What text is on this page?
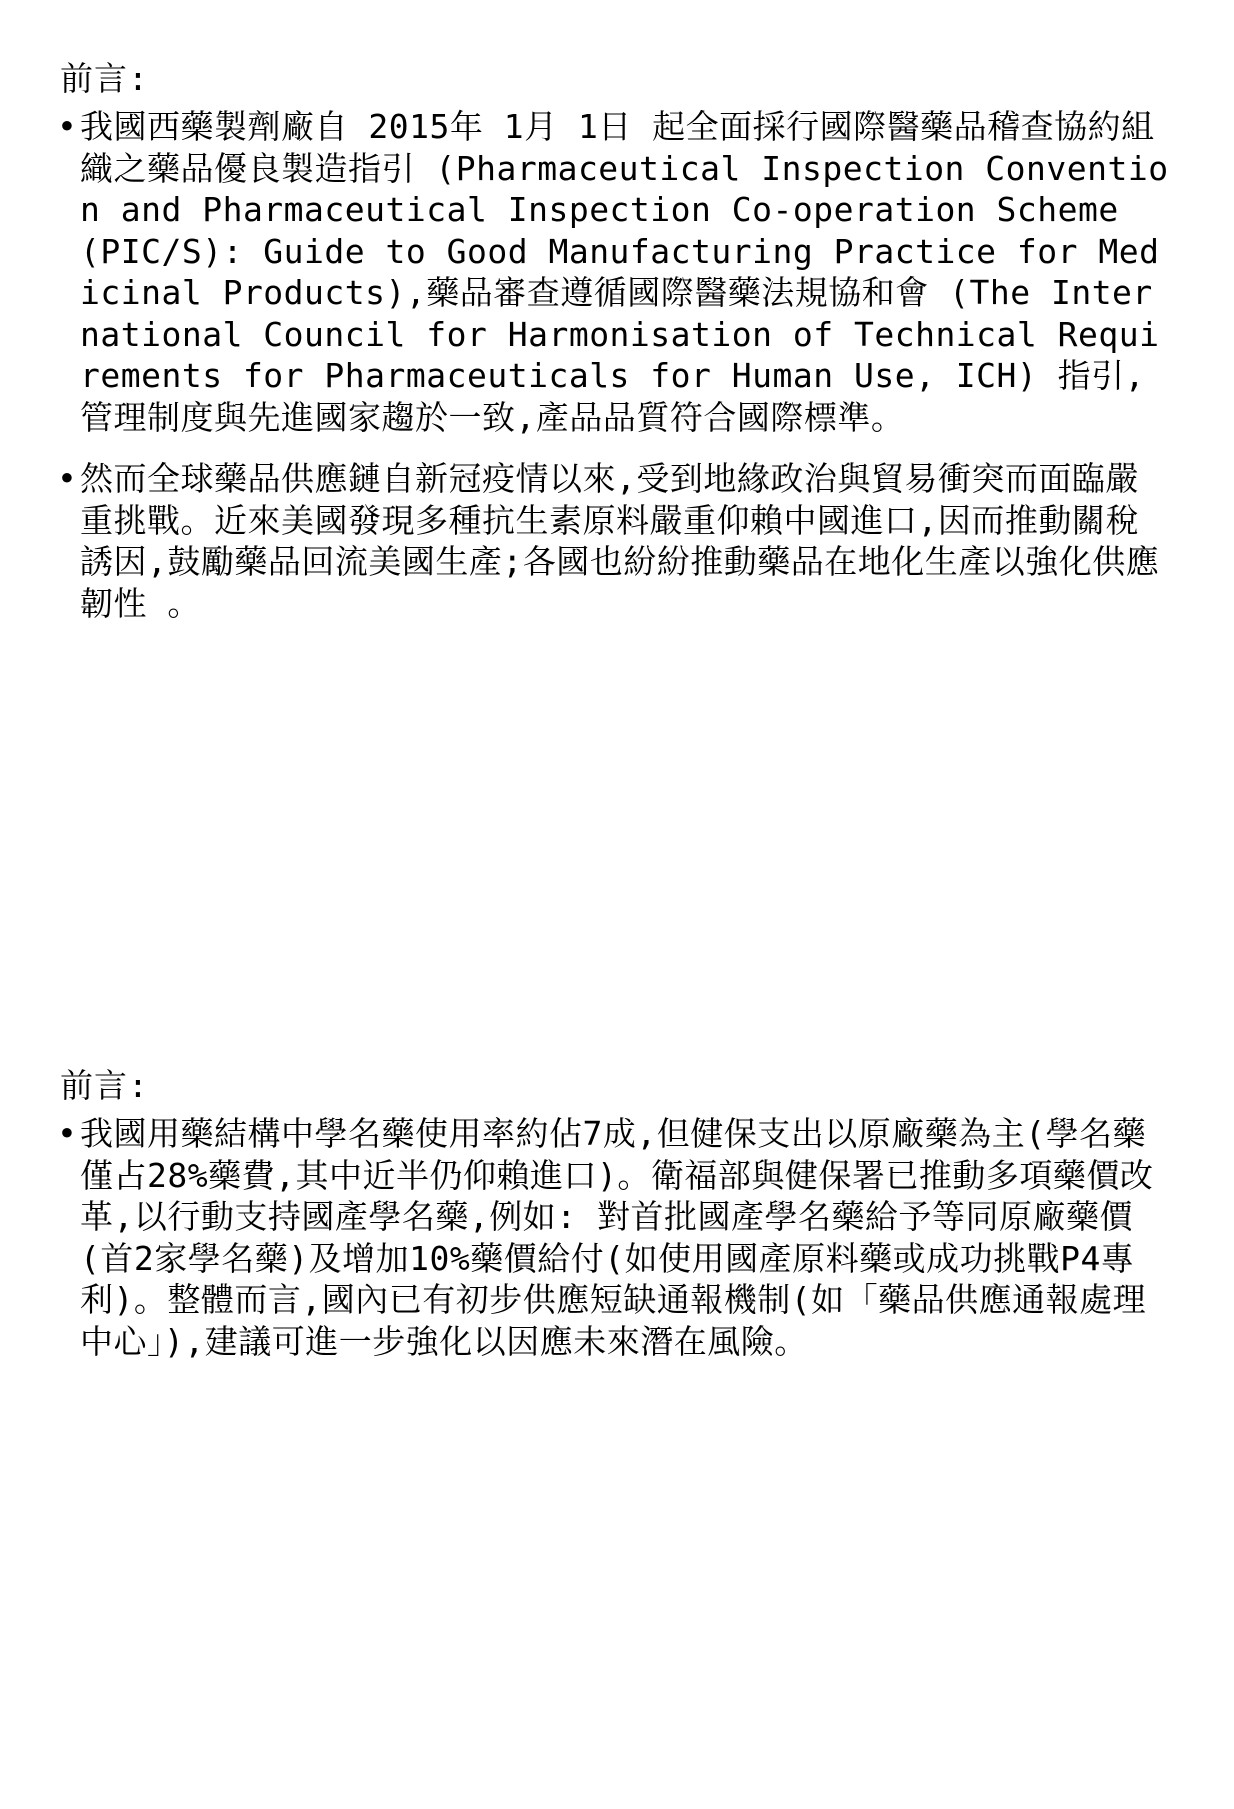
前言:
• 我國西藥製劑廠自 2015年 1月 1日 起全面採行國際醫藥品稽查協約組織之藥品優良製造指引 (Pharmaceutical Inspection Convention and Pharmaceutical Inspection Co-operation Scheme (PIC/S): Guide to Good Manufacturing Practice for Medicinal Products),藥品審查遵循國際醫藥法規協和會 (The International Council for Harmonisation of Technical Requirements for Pharmaceuticals for Human Use, ICH) 指引,管理制度與先進國家趨於一致,產品品質符合國際標準。
• 然而全球藥品供應鏈自新冠疫情以來,受到地緣政治與貿易衝突而面臨嚴重挑戰。近來美國發現多種抗生素原料嚴重仰賴中國進口,因而推動關稅誘因,鼓勵藥品回流美國生產;各國也紛紛推動藥品在地化生產以強化供應韌性 。
前言:
• 我國用藥結構中學名藥使用率約佔7成,但健保支出以原廠藥為主(學名藥僅占28%藥費,其中近半仍仰賴進口)。衛福部與健保署已推動多項藥價改革,以行動支持國產學名藥,例如: 對首批國產學名藥給予等同原廠藥價(首2家學名藥)及增加10%藥價給付(如使用國產原料藥或成功挑戰P4專利)。整體而言,國內已有初步供應短缺通報機制(如「藥品供應通報處理中心」),建議可進一步強化以因應未來潛在風險。
